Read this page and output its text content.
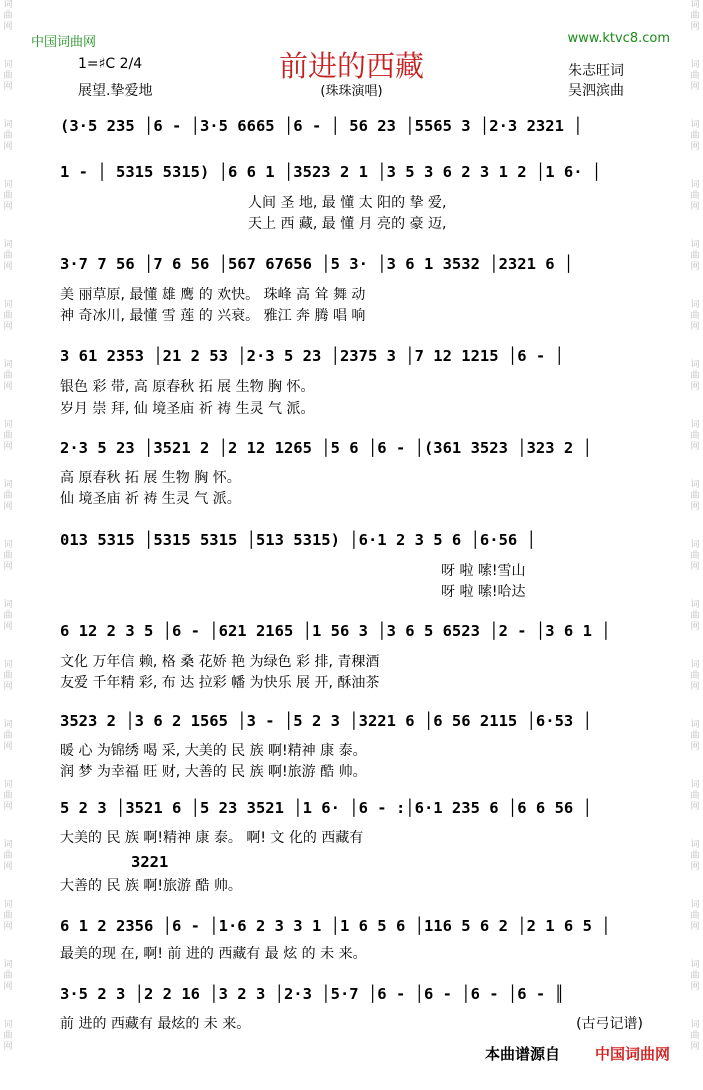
词
曲
网
词
曲
网
词
曲
网
词
曲
网
词
曲
网
词
曲
网
词
曲
网
词
曲
网
词
曲
网
词
曲
网
词
曲
网
词
曲
网
词
曲
网
词
曲
网
词
曲
网
词
曲
网
词
曲
网
词
曲
网
词
曲
网
词
曲
网
词
曲
网
词
曲
网
词
曲
网
词
曲
网
词
曲
网
词
曲
网
词
曲
网
词
曲
网
词
曲
网
词
曲
网
词
曲
网
词
曲
网
词
曲
网
词
曲
网
词
曲
网
词
曲
网
中国词曲网	www.ktvc8.com
前进的西藏
(珠珠演唱)
1=♯C 2/4
展望.挚爱地
朱志旺词
吴泗滨曲
(3·5 235 │6 - │3·5 6665 │6 - │ 56 23 │5565 3 │2·3 2321 │
1 - │ 5315 5315) │6 6 1 │3523 2 1 │3 5 3 6 2 3 1 2 │1 6· │
人间 圣 地, 最 懂 太 阳的 挚 爱,
天上 西 藏, 最 懂 月 亮的 豪 迈,
3·7 7 56 │7 6 56 │567 67656 │5 3· │3 6 1 3532 │2321 6 │
美 丽草原, 最懂 雄 鹰 的 欢快。 珠峰 高 耸 舞 动
神 奇冰川, 最懂 雪 莲 的 兴衰。 雅江 奔 腾 唱 响
3 61 2353 │21 2 53 │2·3 5 23 │2375 3 │7 12 1215 │6 - │
银色 彩 带, 高 原春秋 拓 展 生物 胸 怀。
岁月 崇 拜, 仙 境圣庙 祈 祷 生灵 气 派。
2·3 5 23 │3521 2 │2 12 1265 │5 6 │6 - │(361 3523 │323 2 │
高 原春秋 拓 展 生物 胸 怀。
仙 境圣庙 祈 祷 生灵 气 派。
013 5315 │5315 5315 │513 5315) │6·1 2 3 5 6 │6·56 │
呀 啦 嗦!雪山
呀 啦 嗦!哈达
6 12 2 3 5 │6 - │621 2165 │1 56 3 │3 6 5 6523 │2 - │3 6 1 │
文化 万年信 赖, 格 桑 花娇 艳 为绿色 彩 排, 青稞酒
友爱 千年精 彩, 布 达 拉彩 幡 为快乐 展 开, 酥油茶
3523 2 │3 6 2 1565 │3 - │5 2 3 │3221 6 │6 56 2115 │6·53 │
暖 心 为锦绣 喝 采, 大美的 民 族 啊!精神 康 泰。
润 梦 为幸福 旺 财, 大善的 民 族 啊!旅游 酷 帅。
5 2 3 │3521 6 │5 23 3521 │1 6· │6 - :│6·1 235 6 │6 6 56 │
大美的 民 族 啊!精神 康 泰。 啊! 文 化的 西藏有
3221
大善的 民 族 啊!旅游 酷 帅。
6 1 2 2356 │6 - │1·6 2 3 3 1 │1 6 5 6 │116 5 6 2 │2 1 6 5 │
最美的现 在, 啊! 前 进的 西藏有 最 炫 的 未 来。
3·5 2 3 │2 2 16 │3 2 3 │2·3 │5·7 │6 - │6 - │6 - │6 - ║
前 进的 西藏有 最炫的 未 来。	(古弓记谱)
本曲谱源自 中国词曲网
